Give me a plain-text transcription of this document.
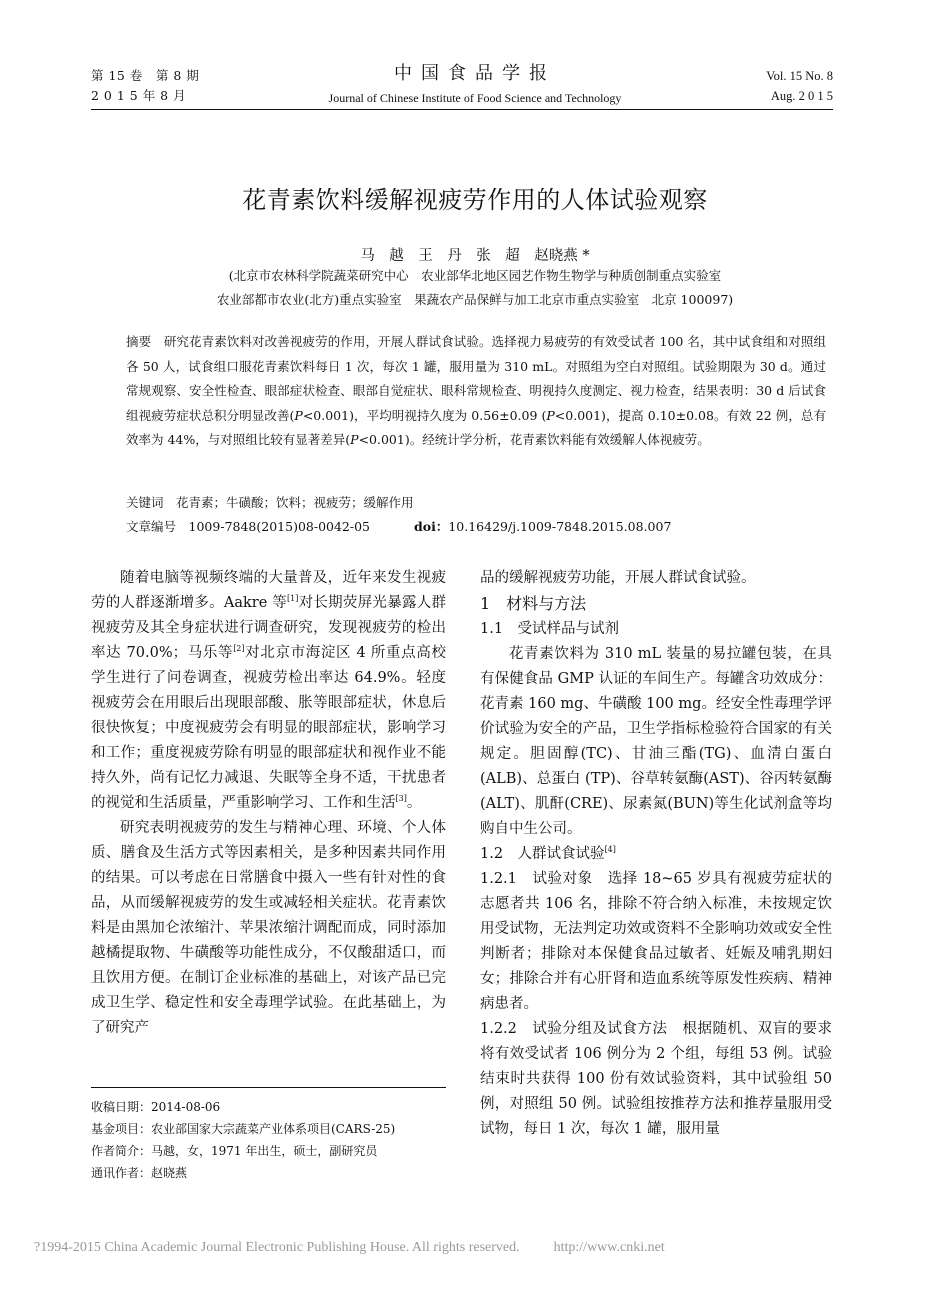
第 15 卷　第 8 期
2 0 1 5 年 8 月
中国食品学报
Journal of Chinese Institute of Food Science and Technology
Vol. 15 No. 8
Aug. 2 0 1 5
花青素饮料缓解视疲劳作用的人体试验观察
马　越　王　丹　张　超　赵晓燕 *
(北京市农林科学院蔬菜研究中心　农业部华北地区园艺作物生物学与种质创制重点实验室
农业部都市农业(北方)重点实验室　果蔬农产品保鲜与加工北京市重点实验室　北京 100097)
摘要　 研究花青素饮料对改善视疲劳的作用，开展人群试食试验。选择视力易疲劳的有效受试者 100 名，其中试食组和对照组各 50 人，试食组口服花青素饮料每日 1 次，每次 1 罐，服用量为 310 mL。对照组为空白对照组。试验期限为 30 d。通过常规观察、安全性检查、眼部症状检查、眼部自觉症状、眼科常规检查、明视持久度测定、视力检查，结果表明：30 d 后试食组视疲劳症状总积分明显改善(P<0.001)，平均明视持久度为 0.56±0.09 (P<0.001)，提高 0.10±0.08。有效 22 例，总有效率为 44%，与对照组比较有显著差异(P<0.001)。经统计学分析，花青素饮料能有效缓解人体视疲劳。
关键词　 花青素；牛磺酸；饮料；视疲劳；缓解作用
文章编号　 1009-7848(2015)08-0042-05	doi：10.16429/j.1009-7848.2015.08.007

随着电脑等视频终端的大量普及，近年来发生视疲劳的人群逐渐增多。Aakre 等[1]对长期荧屏光暴露人群视疲劳及其全身症状进行调查研究，发现视疲劳的检出率达 70.0%；马乐等[2]对北京市海淀区 4 所重点高校学生进行了问卷调查，视疲劳检出率达 64.9%。轻度视疲劳会在用眼后出现眼部酸、胀等眼部症状，休息后很快恢复；中度视疲劳会有明显的眼部症状，影响学习和工作；重度视疲劳除有明显的眼部症状和视作业不能持久外，尚有记忆力减退、失眠等全身不适，干扰患者的视觉和生活质量，严重影响学习、工作和生活[3]。

研究表明视疲劳的发生与精神心理、环境、个人体质、膳食及生活方式等因素相关，是多种因素共同作用的结果。可以考虑在日常膳食中摄入一些有针对性的食品，从而缓解视疲劳的发生或减轻相关症状。花青素饮料是由黑加仑浓缩汁、苹果浓缩汁调配而成，同时添加越橘提取物、牛磺酸等功能性成分，不仅酸甜适口，而且饮用方便。在制订企业标准的基础上，对该产品已完成卫生学、稳定性和安全毒理学试验。在此基础上，为了研究产

品的缓解视疲劳功能，开展人群试食试验。

1　材料与方法

1.1　受试样品与试剂

花青素饮料为 310 mL 装量的易拉罐包装，在具有保健食品 GMP 认证的车间生产。每罐含功效成分：花青素 160 mg、牛磺酸 100 mg。经安全性毒理学评价试验为安全的产品，卫生学指标检验符合国家的有关规定。胆固醇(TC)、甘油三酯(TG)、血清白蛋白 (ALB)、总蛋白 (TP)、谷草转氨酶(AST)、谷丙转氨酶(ALT)、肌酐(CRE)、尿素氮(BUN)等生化试剂盒等均购自中生公司。

1.2　人群试食试验[4]

1.2.1　试验对象　选择 18~65 岁具有视疲劳症状的志愿者共 106 名，排除不符合纳入标准，未按规定饮用受试物，无法判定功效或资料不全影响功效或安全性判断者；排除对本保健食品过敏者、妊娠及哺乳期妇女；排除合并有心肝肾和造血系统等原发性疾病、精神病患者。

1.2.2　试验分组及试食方法　根据随机、双盲的要求将有效受试者 106 例分为 2 个组，每组 53 例。试验结束时共获得 100 份有效试验资料，其中试验组 50 例，对照组 50 例。试验组按推荐方法和推荐量服用受试物，每日 1 次，每次 1 罐，服用量

收稿日期：2014-08-06
基金项目：农业部国家大宗蔬菜产业体系项目(CARS-25)
作者简介：马越，女，1971 年出生，硕士，副研究员
通讯作者：赵晓燕
?1994-2015 China Academic Journal Electronic Publishing House. All rights reserved. http://www.cnki.net
